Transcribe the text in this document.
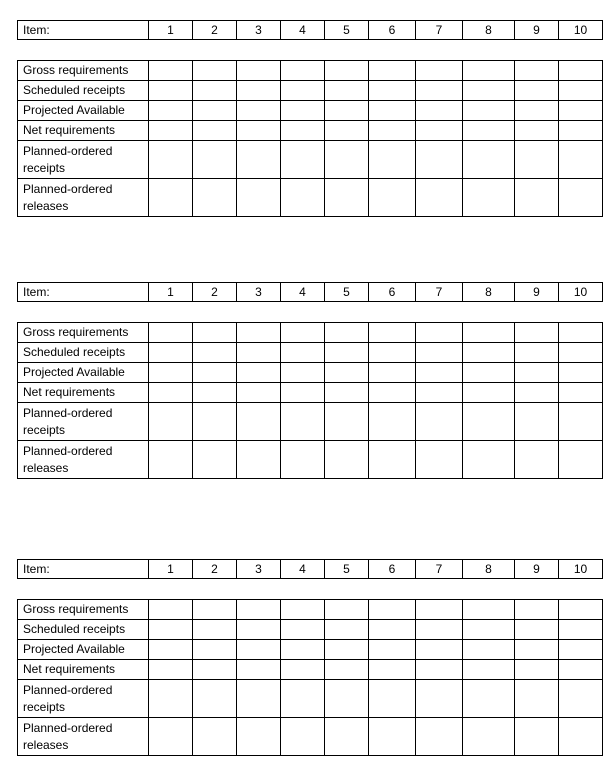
Item:	1	2	3	4	5	6	7	8	9	10
Gross requirements										
Scheduled receipts										
Projected Available										
Net requirements										
Planned-ordered receipts										
Planned-ordered releases										
Item:	1	2	3	4	5	6	7	8	9	10
Gross requirements										
Scheduled receipts										
Projected Available										
Net requirements										
Planned-ordered receipts										
Planned-ordered releases										
Item:	1	2	3	4	5	6	7	8	9	10
Gross requirements										
Scheduled receipts										
Projected Available										
Net requirements										
Planned-ordered receipts										
Planned-ordered releases										
